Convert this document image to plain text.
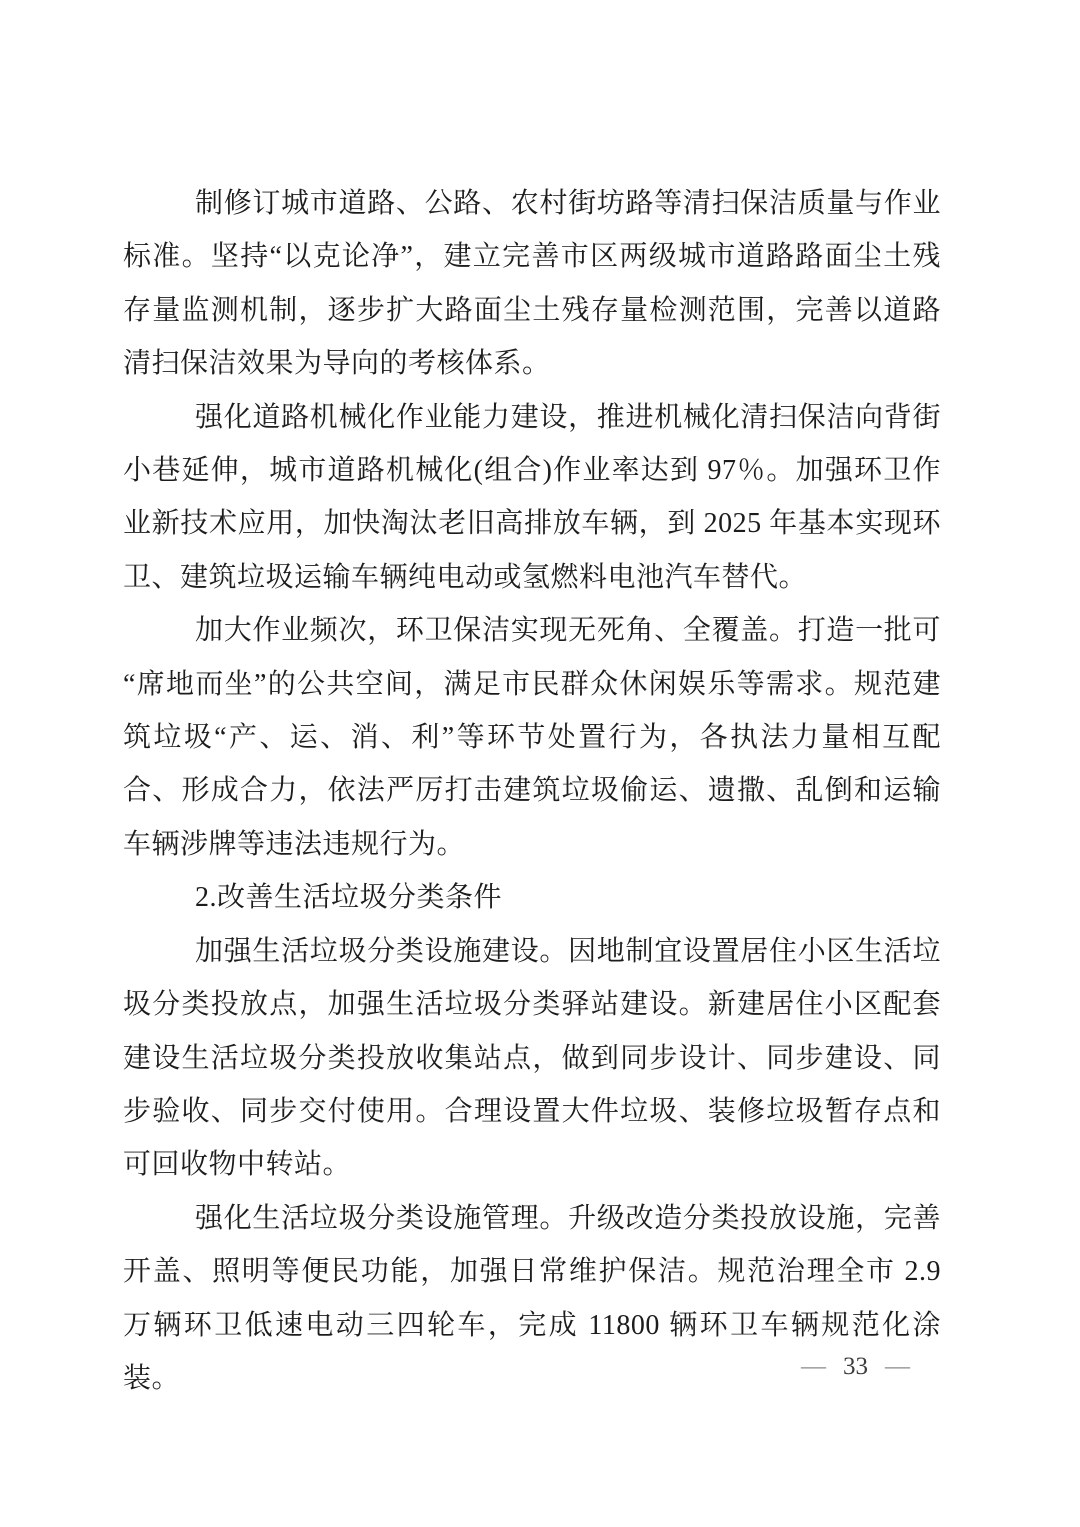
制修订城市道路、公路、农村街坊路等清扫保洁质量与作业标准。坚持“以克论净”，建立完善市区两级城市道路路面尘土残存量监测机制，逐步扩大路面尘土残存量检测范围，完善以道路清扫保洁效果为导向的考核体系。

强化道路机械化作业能力建设，推进机械化清扫保洁向背街小巷延伸，城市道路机械化(组合)作业率达到 97％。加强环卫作业新技术应用，加快淘汰老旧高排放车辆，到 2025 年基本实现环卫、建筑垃圾运输车辆纯电动或氢燃料电池汽车替代。

加大作业频次，环卫保洁实现无死角、全覆盖。打造一批可“席地而坐”的公共空间，满足市民群众休闲娱乐等需求。规范建筑垃圾“产、运、消、利”等环节处置行为，各执法力量相互配合、形成合力，依法严厉打击建筑垃圾偷运、遗撒、乱倒和运输车辆涉牌等违法违规行为。

2.改善生活垃圾分类条件

加强生活垃圾分类设施建设。因地制宜设置居住小区生活垃圾分类投放点，加强生活垃圾分类驿站建设。新建居住小区配套建设生活垃圾分类投放收集站点，做到同步设计、同步建设、同步验收、同步交付使用。合理设置大件垃圾、装修垃圾暂存点和可回收物中转站。

强化生活垃圾分类设施管理。升级改造分类投放设施，完善开盖、照明等便民功能，加强日常维护保洁。规范治理全市 2.9 万辆环卫低速电动三四轮车，完成 11800 辆环卫车辆规范化涂装。	— 33 —
